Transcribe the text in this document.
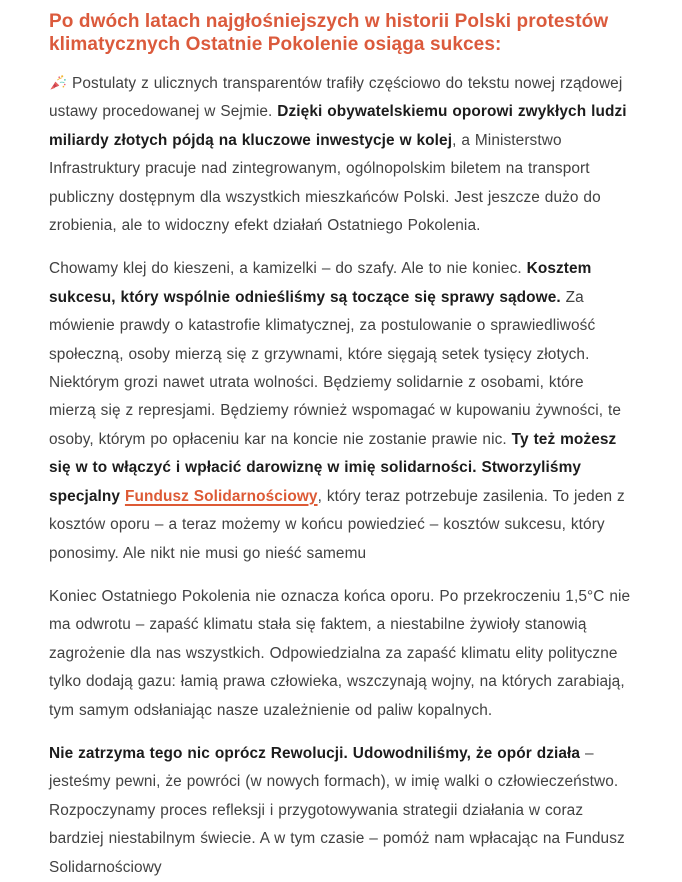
Po dwóch latach najgłośniejszych w historii Polski protestów klimatycznych Ostatnie Pokolenie osiąga sukces:

Postulaty z ulicznych transparentów trafiły częściowo do tekstu nowej rządowej ustawy procedowanej w Sejmie. Dzięki obywatelskiemu oporowi zwykłych ludzi miliardy złotych pójdą na kluczowe inwestycje w kolej, a Ministerstwo Infrastruktury pracuje nad zintegrowanym, ogólnopolskim biletem na transport publiczny dostępnym dla wszystkich mieszkańców Polski. Jest jeszcze dużo do zrobienia, ale to widoczny efekt działań Ostatniego Pokolenia.

Chowamy klej do kieszeni, a kamizelki – do szafy. Ale to nie koniec. Kosztem sukcesu, który wspólnie odnieśliśmy są toczące się sprawy sądowe. Za mówienie prawdy o katastrofie klimatycznej, za postulowanie o sprawiedliwość społeczną, osoby mierzą się z grzywnami, które sięgają setek tysięcy złotych. Niektórym grozi nawet utrata wolności. Będziemy solidarnie z osobami, które mierzą się z represjami. Będziemy również wspomagać w kupowaniu żywności, te osoby, którym po opłaceniu kar na koncie nie zostanie prawie nic. Ty też możesz się w to włączyć i wpłacić darowiznę w imię solidarności. Stworzyliśmy specjalny Fundusz Solidarnościowy, który teraz potrzebuje zasilenia. To jeden z kosztów oporu – a teraz możemy w końcu powiedzieć – kosztów sukcesu, który ponosimy. Ale nikt nie musi go nieść samemu

Koniec Ostatniego Pokolenia nie oznacza końca oporu. Po przekroczeniu 1,5°C nie ma odwrotu – zapaść klimatu stała się faktem, a niestabilne żywioły stanowią zagrożenie dla nas wszystkich. Odpowiedzialna za zapaść klimatu elity polityczne tylko dodają gazu: łamią prawa człowieka, wszczynają wojny, na których zarabiają, tym samym odsłaniając nasze uzależnienie od paliw kopalnych.

Nie zatrzyma tego nic oprócz Rewolucji. Udowodniliśmy, że opór działa – jesteśmy pewni, że powróci (w nowych formach), w imię walki o człowieczeństwo. Rozpoczynamy proces refleksji i przygotowywania strategii działania w coraz bardziej niestabilnym świecie. A w tym czasie – pomóż nam wpłacając na Fundusz Solidarnościowy
